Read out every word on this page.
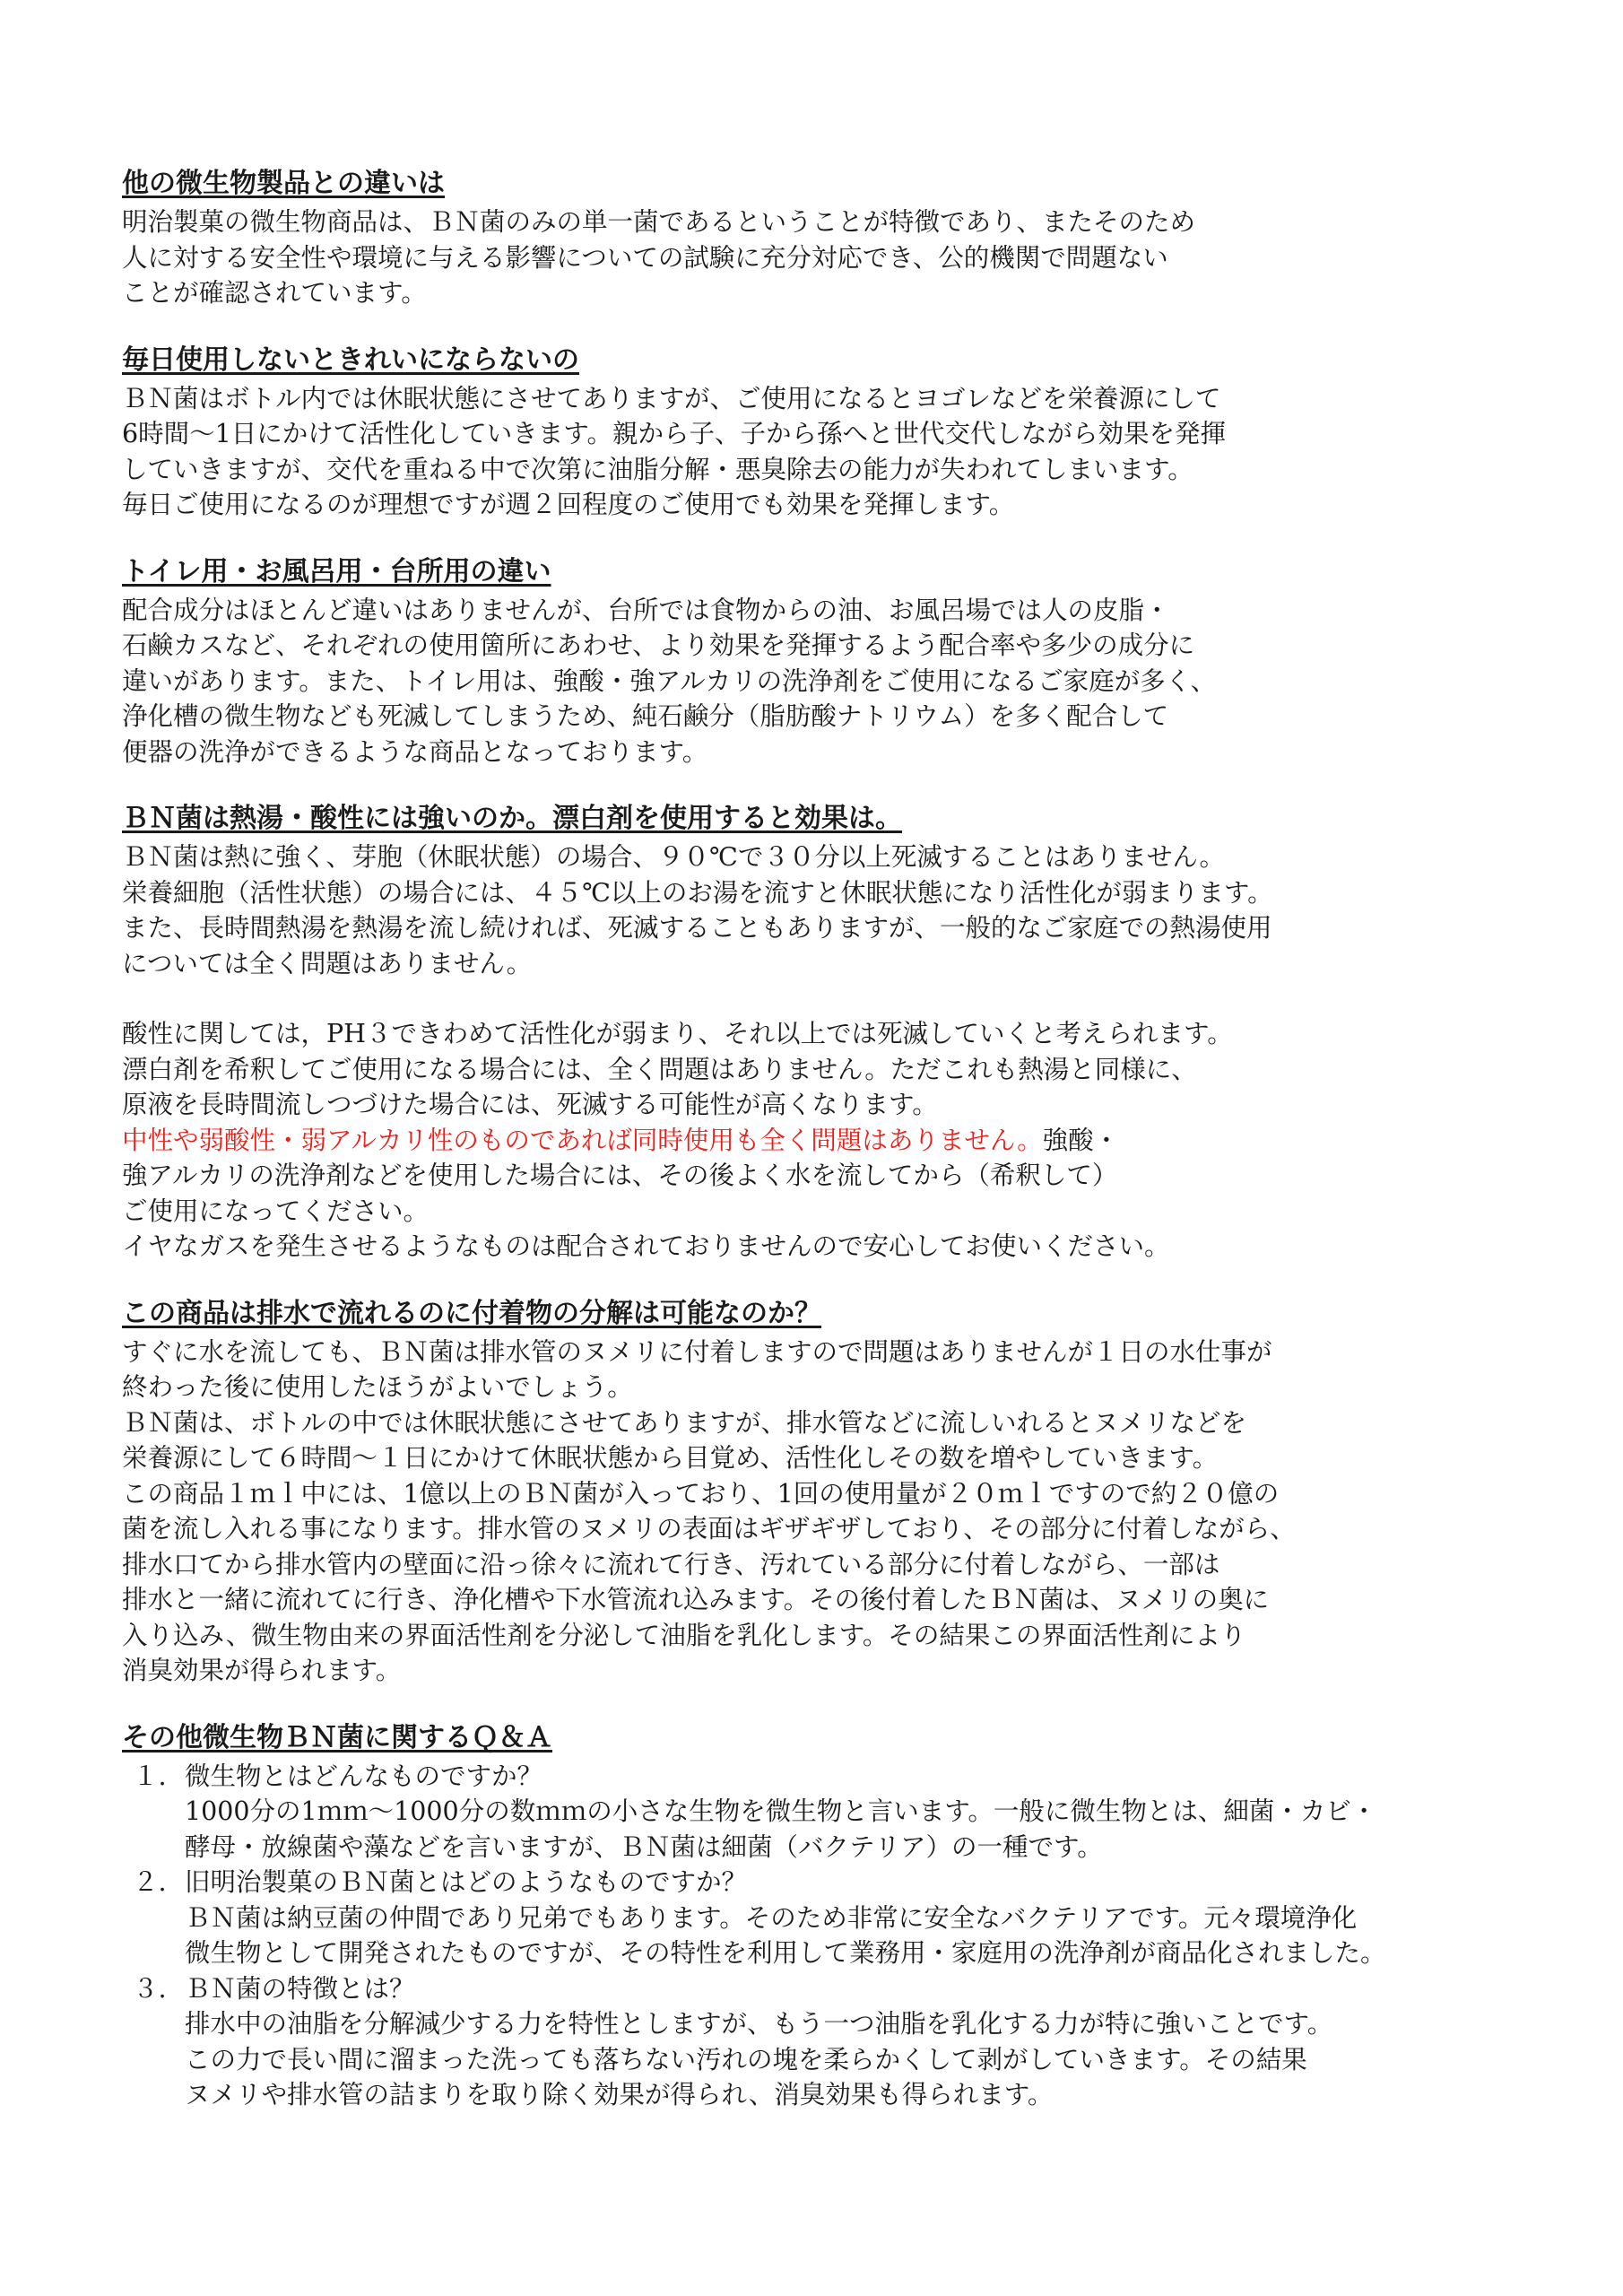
他の微生物製品との違いは

明治製菓の微生物商品は、ＢＮ菌のみの単一菌であるということが特徴であり、またそのため
人に対する安全性や環境に与える影響についての試験に充分対応でき、公的機関で問題ない
ことが確認されています。

毎日使用しないときれいにならないの

ＢＮ菌はボトル内では休眠状態にさせてありますが、ご使用になるとヨゴレなどを栄養源にして
6時間～1日にかけて活性化していきます。親から子、子から孫へと世代交代しながら効果を発揮
していきますが、交代を重ねる中で次第に油脂分解・悪臭除去の能力が失われてしまいます。
毎日ご使用になるのが理想ですが週２回程度のご使用でも効果を発揮します。

トイレ用・お風呂用・台所用の違い

配合成分はほとんど違いはありませんが、台所では食物からの油、お風呂場では人の皮脂・
石鹸カスなど、それぞれの使用箇所にあわせ、より効果を発揮するよう配合率や多少の成分に
違いがあります。また、トイレ用は、強酸・強アルカリの洗浄剤をご使用になるご家庭が多く、
浄化槽の微生物なども死滅してしまうため、純石鹸分（脂肪酸ナトリウム）を多く配合して
便器の洗浄ができるような商品となっております。

ＢＮ菌は熱湯・酸性には強いのか。漂白剤を使用すると効果は。

ＢＮ菌は熱に強く、芽胞（休眠状態）の場合、９０℃で３０分以上死滅することはありません。
栄養細胞（活性状態）の場合には、４５℃以上のお湯を流すと休眠状態になり活性化が弱まります。
また、長時間熱湯を熱湯を流し続ければ、死滅することもありますが、一般的なご家庭での熱湯使用
については全く問題はありません。

酸性に関しては，PH３できわめて活性化が弱まり、それ以上では死滅していくと考えられます。
漂白剤を希釈してご使用になる場合には、全く問題はありません。ただこれも熱湯と同様に、
原液を長時間流しつづけた場合には、死滅する可能性が高くなります。
中性や弱酸性・弱アルカリ性のものであれば同時使用も全く問題はありません。強酸・
強アルカリの洗浄剤などを使用した場合には、その後よく水を流してから（希釈して）
ご使用になってください。
イヤなガスを発生させるようなものは配合されておりませんので安心してお使いください。

この商品は排水で流れるのに付着物の分解は可能なのか？

すぐに水を流しても、ＢＮ菌は排水管のヌメリに付着しますので問題はありませんが１日の水仕事が
終わった後に使用したほうがよいでしょう。
ＢＮ菌は、ボトルの中では休眠状態にさせてありますが、排水管などに流しいれるとヌメリなどを
栄養源にして６時間～１日にかけて休眠状態から目覚め、活性化しその数を増やしていきます。
この商品１ｍｌ中には、1億以上のＢＮ菌が入っており、1回の使用量が２０ｍｌですので約２０億の
菌を流し入れる事になります。排水管のヌメリの表面はギザギザしており、その部分に付着しながら、
排水口てから排水管内の壁面に沿っ徐々に流れて行き、汚れている部分に付着しながら、一部は
排水と一緒に流れてに行き、浄化槽や下水管流れ込みます。その後付着したＢＮ菌は、ヌメリの奥に
入り込み、微生物由来の界面活性剤を分泌して油脂を乳化します。その結果この界面活性剤により
消臭効果が得られます。

その他微生物ＢＮ菌に関するＱ＆Ａ
１. 微生物とはどんなものですか？
1000分の1ｍｍ～1000分の数ｍｍの小さな生物を微生物と言います。一般に微生物とは、細菌・カビ・
酵母・放線菌や藻などを言いますが、ＢＮ菌は細菌（バクテリア）の一種です。
２. 旧明治製菓のＢＮ菌とはどのようなものですか？
ＢＮ菌は納豆菌の仲間であり兄弟でもあります。そのため非常に安全なバクテリアです。元々環境浄化
微生物として開発されたものですが、その特性を利用して業務用・家庭用の洗浄剤が商品化されました。
３. ＢＮ菌の特徴とは？
排水中の油脂を分解減少する力を特性としますが、もう一つ油脂を乳化する力が特に強いことです。
この力で長い間に溜まった洗っても落ちない汚れの塊を柔らかくして剥がしていきます。その結果
ヌメリや排水管の詰まりを取り除く効果が得られ、消臭効果も得られます。
